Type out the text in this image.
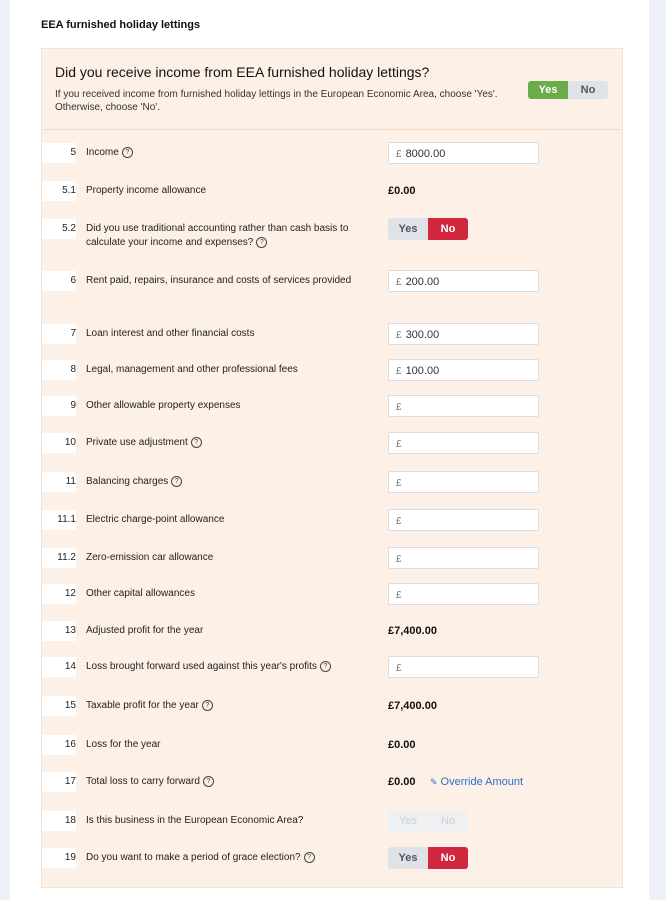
EEA furnished holiday lettings
Did you receive income from EEA furnished holiday lettings?
If you received income from furnished holiday lettings in the European Economic Area, choose 'Yes'. Otherwise, choose 'No'.
Yes	No
5 Income ?	£ 8000.00
5.1 Property income allowance	£0.00
5.2 Did you use traditional accounting rather than cash basis to calculate your income and expenses? ?
Yes	No
6 Rent paid, repairs, insurance and costs of services provided	£ 200.00
7 Loan interest and other financial costs	£ 300.00
8 Legal, management and other professional fees	£ 100.00
9 Other allowable property expenses	£
10 Private use adjustment ?	£
11 Balancing charges ?	£
11.1 Electric charge-point allowance	£
11.2 Zero-emission car allowance	£
12 Other capital allowances	£
13 Adjusted profit for the year	£7,400.00
14 Loss brought forward used against this year's profits ?	£
15 Taxable profit for the year ?	£7,400.00
16 Loss for the year	£0.00
17 Total loss to carry forward ?	£0.00 ✎ Override Amount
18 Is this business in the European Economic Area?	Yes	No
19 Do you want to make a period of grace election? ?	Yes	No
